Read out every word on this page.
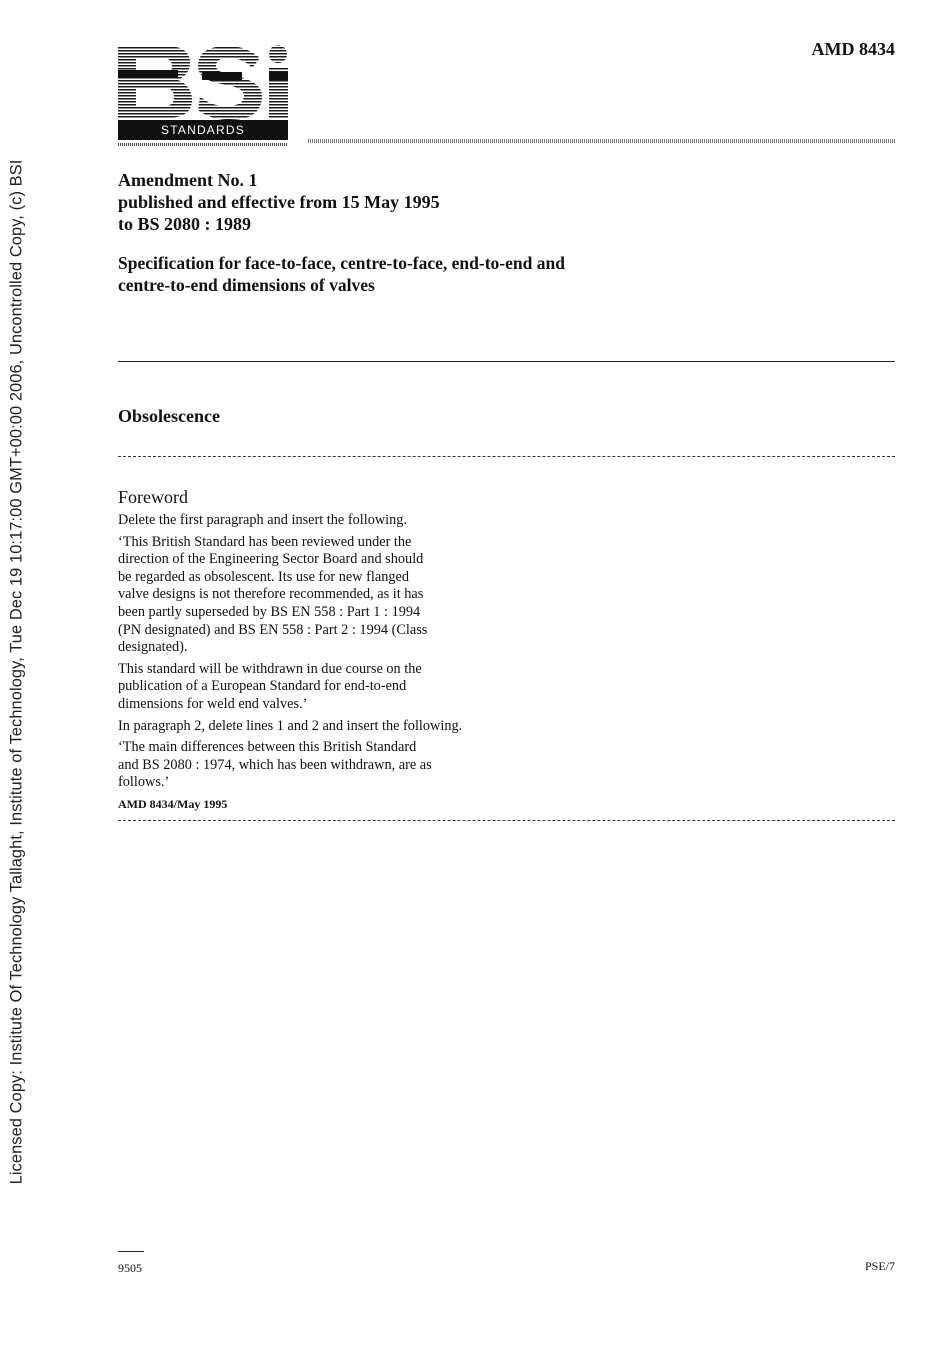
Licensed Copy: Institute Of Technology Tallaght, Institute of Technology, Tue Dec 19 10:17:00 GMT+00:00 2006, Uncontrolled Copy, (c) BSI
STANDARDS
AMD 8434
Amendment No. 1
published and effective from 15 May 1995
to BS 2080 : 1989
Specification for face-to-face, centre-to-face, end-to-end and
centre-to-end dimensions of valves
Obsolescence
Foreword

Delete the first paragraph and insert the following.

‘This British Standard has been reviewed under the
direction of the Engineering Sector Board and should
be regarded as obsolescent. Its use for new flanged
valve designs is not therefore recommended, as it has
been partly superseded by BS EN 558 : Part 1 : 1994
(PN designated) and BS EN 558 : Part 2 : 1994 (Class
designated).

This standard will be withdrawn in due course on the
publication of a European Standard for end-to-end
dimensions for weld end valves.’

In paragraph 2, delete lines 1 and 2 and insert the following.

‘The main differences between this British Standard
and BS 2080 : 1974, which has been withdrawn, are as
follows.’

AMD 8434/May 1995
9505	PSE/7
